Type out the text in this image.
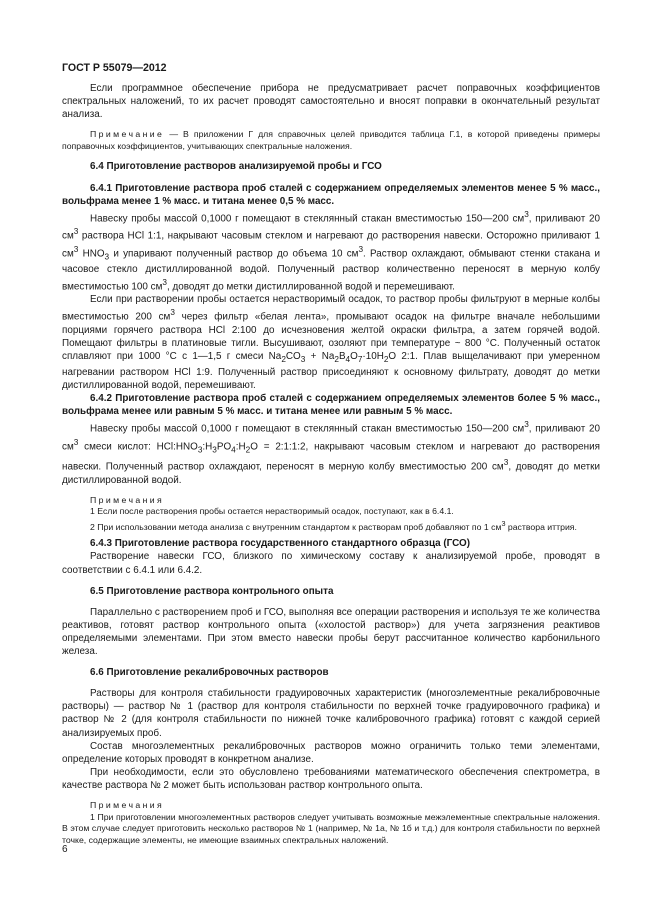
ГОСТ Р 55079—2012

Если программное обеспечение прибора не предусматривает расчет поправочных коэффициентов спектральных наложений, то их расчет проводят самостоятельно и вносят поправки в окончательный результат анализа.

Примечание — В приложении Г для справочных целей приводится таблица Г.1, в которой приведены примеры поправочных коэффициентов, учитывающих спектральные наложения.

6.4 Приготовление растворов анализируемой пробы и ГСО

6.4.1 Приготовление раствора проб сталей с содержанием определяемых элементов менее 5 % масс., вольфрама менее 1 % масс. и титана менее 0,5 % масс.

Навеску пробы массой 0,1000 г помещают в стеклянный стакан вместимостью 150—200 $см^3$, приливают 20 $см^3$ раствора HCl 1:1, накрывают часовым стеклом и нагревают до растворения навески. Осторожно приливают 1 $см^3$ $HNO_3$ и упаривают полученный раствор до объема 10 $см^3$. Раствор охлаждают, обмывают стенки стакана и часовое стекло дистиллированной водой. Полученный раствор количественно переносят в мерную колбу вместимостью 100 $см^3$, доводят до метки дистиллированной водой и перемешивают.

Если при растворении пробы остается нерастворимый осадок, то раствор пробы фильтруют в мерные колбы вместимостью 200 $см^3$ через фильтр «белая лента», промывают осадок на фильтре вначале небольшими порциями горячего раствора HCl 2:100 до исчезновения желтой окраски фильтра, а затем горячей водой. Помещают фильтры в платиновые тигли. Высушивают, озоляют при температуре ~ 800 °С. Полученный остаток сплавляют при 1000 °С с 1—1,5 г смеси $Na_2CO_3 + Na_2B_4O_7\cdot 10H_2O$ 2:1. Плав выщелачивают при умеренном нагревании раствором HCl 1:9. Полученный раствор присоединяют к основному фильтрату, доводят до метки дистиллированной водой, перемешивают.

6.4.2 Приготовление раствора проб сталей с содержанием определяемых элементов более 5 % масс., вольфрама менее или равным 5 % масс. и титана менее или равным 5 % масс.

Навеску пробы массой 0,1000 г помещают в стеклянный стакан вместимостью 150—200 $см^3$, приливают 20 $см^3$ смеси кислот: $HCl:HNO_3:H_3PO_4:H_2O$ = 2:1:1:2, накрывают часовым стеклом и нагревают до растворения навески. Полученный раствор охлаждают, переносят в мерную колбу вместимостью 200 $см^3$, доводят до метки дистиллированной водой.

Примечания

1 Если после растворения пробы остается нерастворимый осадок, поступают, как в 6.4.1.

2 При использовании метода анализа с внутренним стандартом к растворам проб добавляют по 1 $см^3$ раствора иттрия.

6.4.3 Приготовление раствора государственного стандартного образца (ГСО)

Растворение навески ГСО, близкого по химическому составу к анализируемой пробе, проводят в соответствии с 6.4.1 или 6.4.2.

6.5 Приготовление раствора контрольного опыта

Параллельно с растворением проб и ГСО, выполняя все операции растворения и используя те же количества реактивов, готовят раствор контрольного опыта («холостой раствор») для учета загрязнения реактивов определяемыми элементами. При этом вместо навески пробы берут рассчитанное количество карбонильного железа.

6.6 Приготовление рекалибровочных растворов

Растворы для контроля стабильности градуировочных характеристик (многоэлементные рекалибровочные растворы) — раствор № 1 (раствор для контроля стабильности по верхней точке градуировочного графика) и раствор № 2 (для контроля стабильности по нижней точке калибровочного графика) готовят с каждой серией анализируемых проб.

Состав многоэлементных рекалибровочных растворов можно ограничить только теми элементами, определение которых проводят в конкретном анализе.

При необходимости, если это обусловлено требованиями математического обеспечения спектрометра, в качестве раствора № 2 может быть использован раствор контрольного опыта.

Примечания

1 При приготовлении многоэлементных растворов следует учитывать возможные межэлементные спектральные наложения. В этом случае следует приготовить несколько растворов № 1 (например, № 1а, № 1б и т.д.) для контроля стабильности по верхней точке, содержащие элементы, не имеющие взаимных спектральных наложений.

6
